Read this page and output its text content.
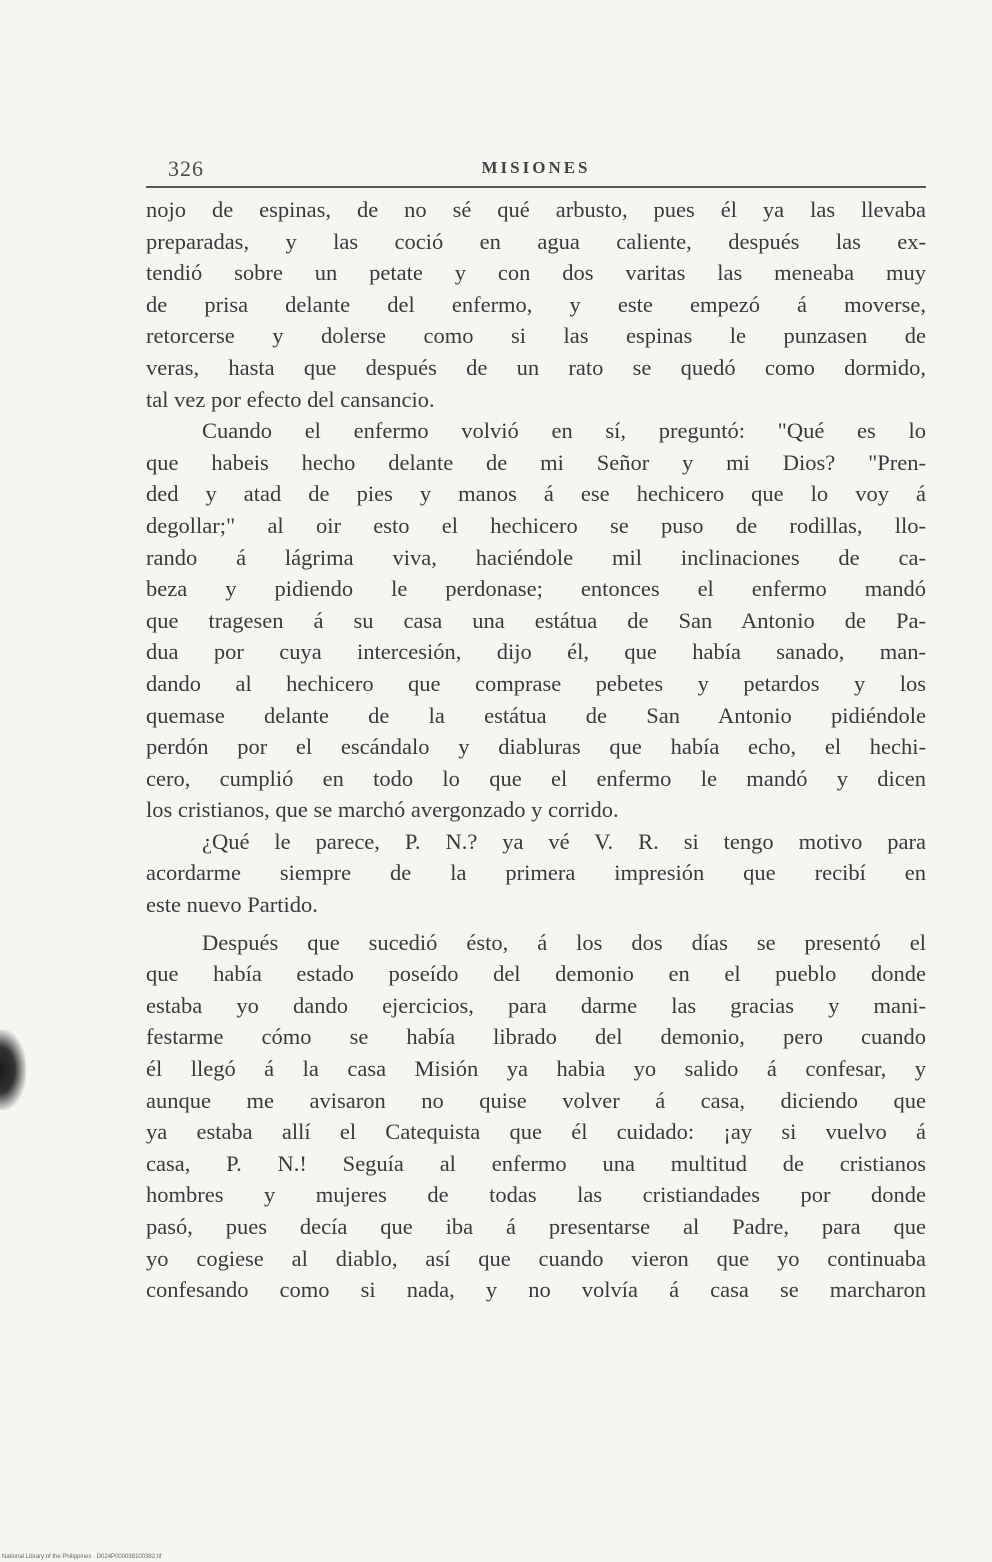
326	MISIONES
nojo de espinas, de no sé qué arbusto, pues él ya las llevaba
preparadas, y las coció en agua caliente, después las ex-
tendió sobre un petate y con dos varitas las meneaba muy
de prisa delante del enfermo, y este empezó á moverse,
retorcerse y dolerse como si las espinas le punzasen de
veras, hasta que después de un rato se quedó como dormido,
tal vez por efecto del cansancio.
Cuando el enfermo volvió en sí, preguntó: "Qué es lo
que habeis hecho delante de mi Señor y mi Dios? "Pren-
ded y atad de pies y manos á ese hechicero que lo voy á
degollar;" al oir esto el hechicero se puso de rodillas, llo-
rando á lágrima viva, haciéndole mil inclinaciones de ca-
beza y pidiendo le perdonase; entonces el enfermo mandó
que tragesen á su casa una estátua de San Antonio de Pa-
dua por cuya intercesión, dijo él, que había sanado, man-
dando al hechicero que comprase pebetes y petardos y los
quemase delante de la estátua de San Antonio pidiéndole
perdón por el escándalo y diabluras que había echo, el hechi-
cero, cumplió en todo lo que el enfermo le mandó y dicen
los cristianos, que se marchó avergonzado y corrido.
¿Qué le parece, P. N.? ya vé V. R. si tengo motivo para
acordarme siempre de la primera impresión que recibí en
este nuevo Partido.
Después que sucedió ésto, á los dos días se presentó el
que había estado poseído del demonio en el pueblo donde
estaba yo dando ejercicios, para darme las gracias y mani-
festarme cómo se había librado del demonio, pero cuando
él llegó á la casa Misión ya habia yo salido á confesar, y
aunque me avisaron no quise volver á casa, diciendo que
ya estaba allí el Catequista que él cuidado: ¡ay si vuelvo á
casa, P. N.! Seguía al enfermo una multitud de cristianos
hombres y mujeres de todas las cristiandades por donde
pasó, pues decía que iba á presentarse al Padre, para que
yo cogiese al diablo, así que cuando vieron que yo continuaba
confesando como si nada, y no volvía á casa se marcharon
National Library of the Philippines · D024P000038100382.tif
